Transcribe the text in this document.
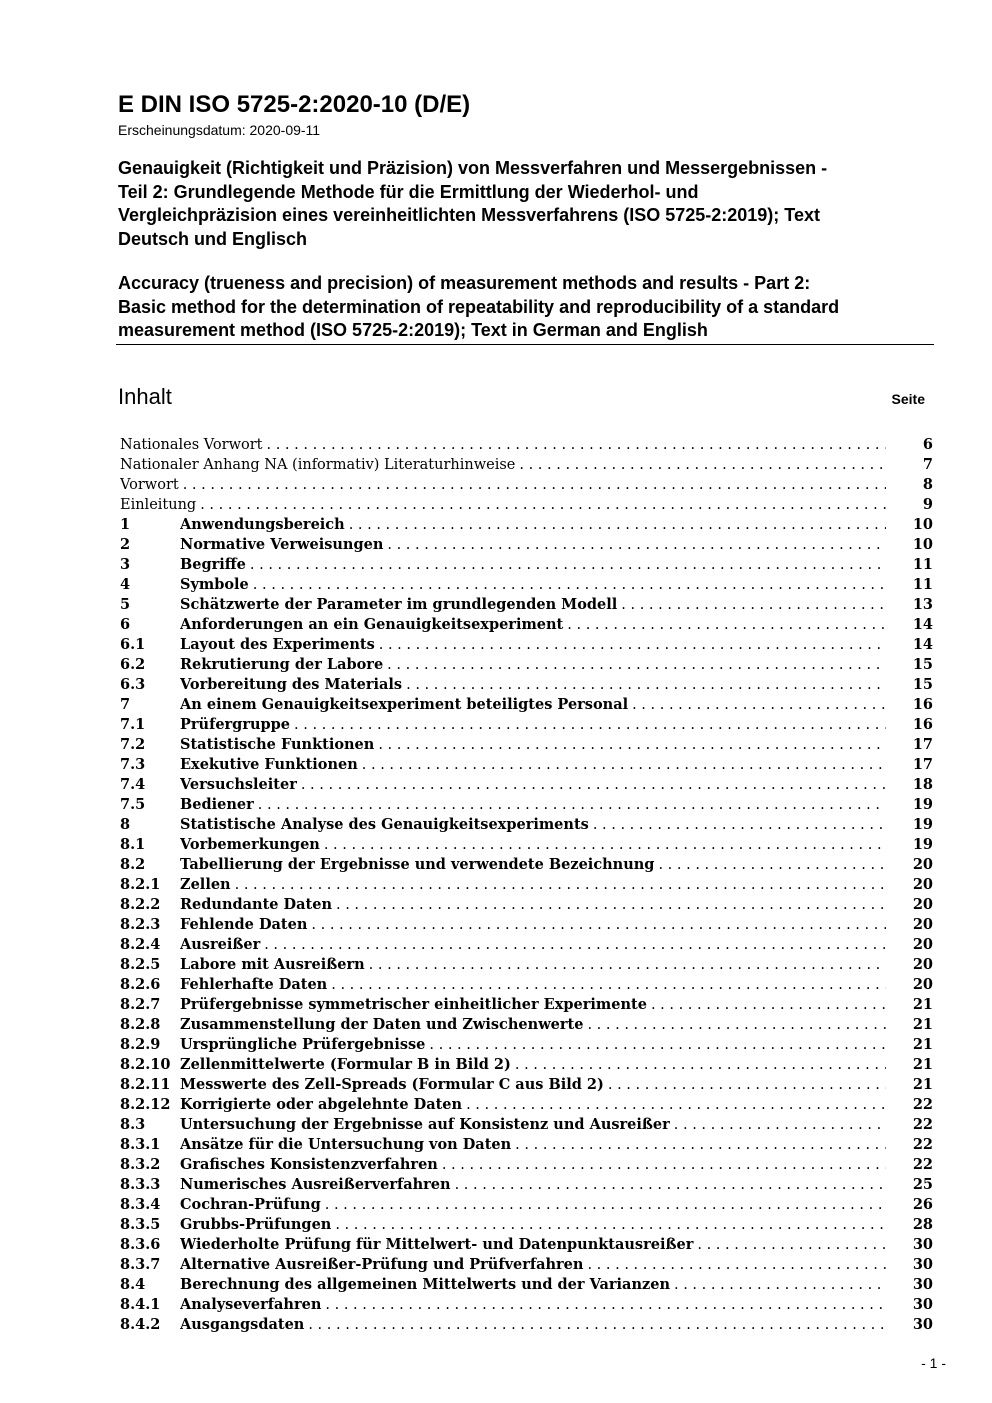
E DIN ISO 5725-2:2020-10 (D/E)
Erscheinungsdatum: 2020-09-11
Genauigkeit (Richtigkeit und Präzision) von Messverfahren und Messergebnissen -
Teil 2: Grundlegende Methode für die Ermittlung der Wiederhol- und
Vergleichpräzision eines vereinheitlichten Messverfahrens (ISO 5725-2:2019); Text
Deutsch und Englisch
Accuracy (trueness and precision) of measurement methods and results - Part 2:
Basic method for the determination of repeatability and reproducibility of a standard
measurement method (ISO 5725-2:2019); Text in German and English
Inhalt	Seite
Nationales Vorwort . . .	6
Nationaler Anhang NA (informativ) Literaturhinweise . . .	7
Vorwort . . .	8
Einleitung . . .	9
1	Anwendungsbereich . . .	10
2	Normative Verweisungen . . .	10
3	Begriffe . . .	11
4	Symbole . . .	11
5	Schätzwerte der Parameter im grundlegenden Modell . . .	13
6	Anforderungen an ein Genauigkeitsexperiment . . .	14
6.1 Layout des Experiments . . .	14
6.2 Rekrutierung der Labore . . .	15
6.3 Vorbereitung des Materials . . .	15
7	An einem Genauigkeitsexperiment beteiligtes Personal . . .	16
7.1 Prüfergruppe . . .	16
7.2 Statistische Funktionen . . .	17
7.3 Exekutive Funktionen . . .	17
7.4 Versuchsleiter . . .	18
7.5 Bediener . . .	19
8	Statistische Analyse des Genauigkeitsexperiments . . .	19
8.1 Vorbemerkungen . . .	19
8.2 Tabellierung der Ergebnisse und verwendete Bezeichnung . . .	20
8.2.1 Zellen . . .	20
8.2.2 Redundante Daten . . .	20
8.2.3 Fehlende Daten . . .	20
8.2.4 Ausreißer . . .	20
8.2.5 Labore mit Ausreißern . . .	20
8.2.6 Fehlerhafte Daten . . .	20
8.2.7 Prüfergebnisse symmetrischer einheitlicher Experimente . . .	21
8.2.8 Zusammenstellung der Daten und Zwischenwerte . . .	21
8.2.9 Ursprüngliche Prüfergebnisse . . .	21
8.2.10 Zellenmittelwerte (Formular B in Bild 2) . . .	21
8.2.11 Messwerte des Zell-Spreads (Formular C aus Bild 2) . . .	21
8.2.12 Korrigierte oder abgelehnte Daten . . .	22
8.3 Untersuchung der Ergebnisse auf Konsistenz und Ausreißer . . .	22
8.3.1 Ansätze für die Untersuchung von Daten . . .	22
8.3.2 Grafisches Konsistenzverfahren . . .	22
8.3.3 Numerisches Ausreißerverfahren . . .	25
8.3.4 Cochran-Prüfung . . .	26
8.3.5 Grubbs-Prüfungen . . .	28
8.3.6 Wiederholte Prüfung für Mittelwert- und Datenpunktausreißer . . .	30
8.3.7 Alternative Ausreißer-Prüfung und Prüfverfahren . . .	30
8.4 Berechnung des allgemeinen Mittelwerts und der Varianzen . . .	30
8.4.1 Analyseverfahren . . .	30
8.4.2 Ausgangsdaten . . .	30
- 1 -
